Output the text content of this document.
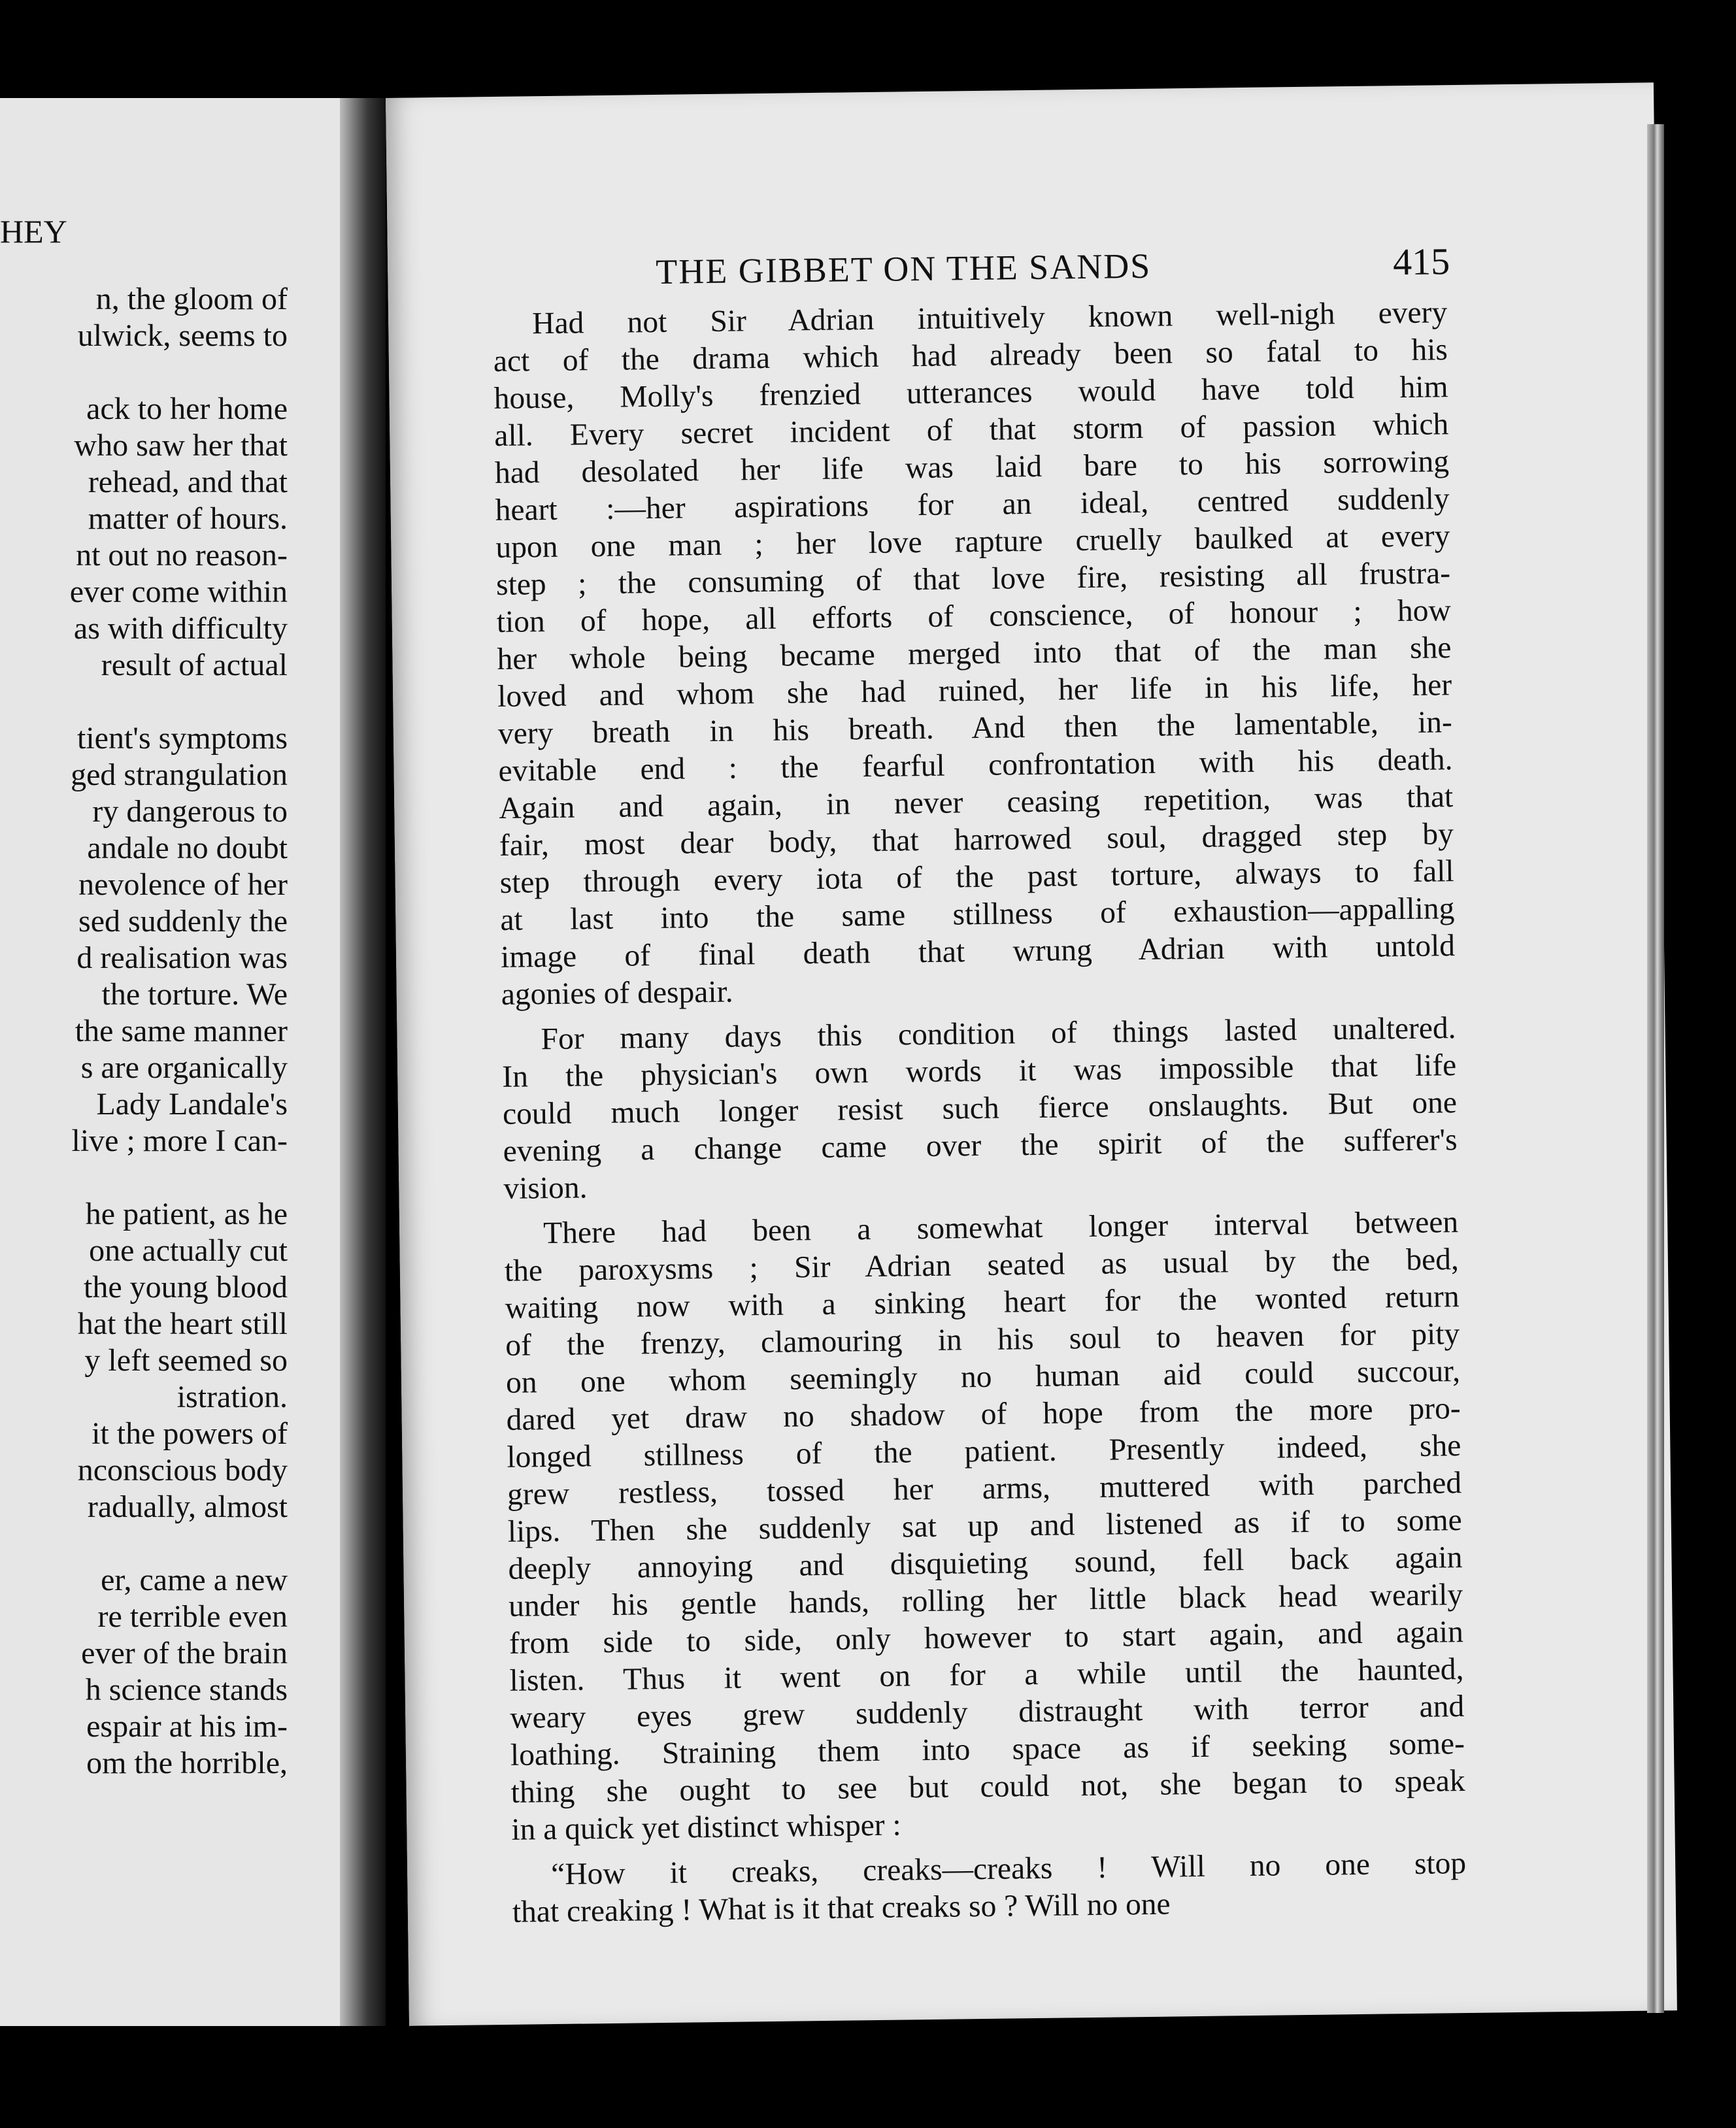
HEY
n, the gloom of
ulwick, seems to
ack to her home
who saw her that
rehead, and that
matter of hours.
nt out no reason-
ever come within
as with difficulty
result of actual
tient's symptoms
ged strangulation
ry dangerous to
andale no doubt
nevolence of her
sed suddenly the
d realisation was
the torture. We
the same manner
s are organically
Lady Landale's
live ; more I can-
he patient, as he
one actually cut
the young blood
hat the heart still
y left seemed so
istration.
it the powers of
nconscious body
radually, almost
er, came a new
re terrible even
ever of the brain
h science stands
espair at his im-
om the horrible,
THE GIBBET ON THE SANDS	415
Had not Sir Adrian intuitively known well-nigh every
act of the drama which had already been so fatal to his
house, Molly's frenzied utterances would have told him
all. Every secret incident of that storm of passion which
had desolated her life was laid bare to his sorrowing
heart :—her aspirations for an ideal, centred suddenly
upon one man ; her love rapture cruelly baulked at every
step ; the consuming of that love fire, resisting all frustra-
tion of hope, all efforts of conscience, of honour ; how
her whole being became merged into that of the man she
loved and whom she had ruined, her life in his life, her
very breath in his breath. And then the lamentable, in-
evitable end : the fearful confrontation with his death.
Again and again, in never ceasing repetition, was that
fair, most dear body, that harrowed soul, dragged step by
step through every iota of the past torture, always to fall
at last into the same stillness of exhaustion—appalling
image of final death that wrung Adrian with untold
agonies of despair.
For many days this condition of things lasted unaltered.
In the physician's own words it was impossible that life
could much longer resist such fierce onslaughts. But one
evening a change came over the spirit of the sufferer's
vision.
There had been a somewhat longer interval between
the paroxysms ; Sir Adrian seated as usual by the bed,
waiting now with a sinking heart for the wonted return
of the frenzy, clamouring in his soul to heaven for pity
on one whom seemingly no human aid could succour,
dared yet draw no shadow of hope from the more pro-
longed stillness of the patient. Presently indeed, she
grew restless, tossed her arms, muttered with parched
lips. Then she suddenly sat up and listened as if to some
deeply annoying and disquieting sound, fell back again
under his gentle hands, rolling her little black head wearily
from side to side, only however to start again, and again
listen. Thus it went on for a while until the haunted,
weary eyes grew suddenly distraught with terror and
loathing. Straining them into space as if seeking some-
thing she ought to see but could not, she began to speak
in a quick yet distinct whisper :
“How it creaks, creaks—creaks ! Will no one stop
that creaking ! What is it that creaks so ? Will no one
